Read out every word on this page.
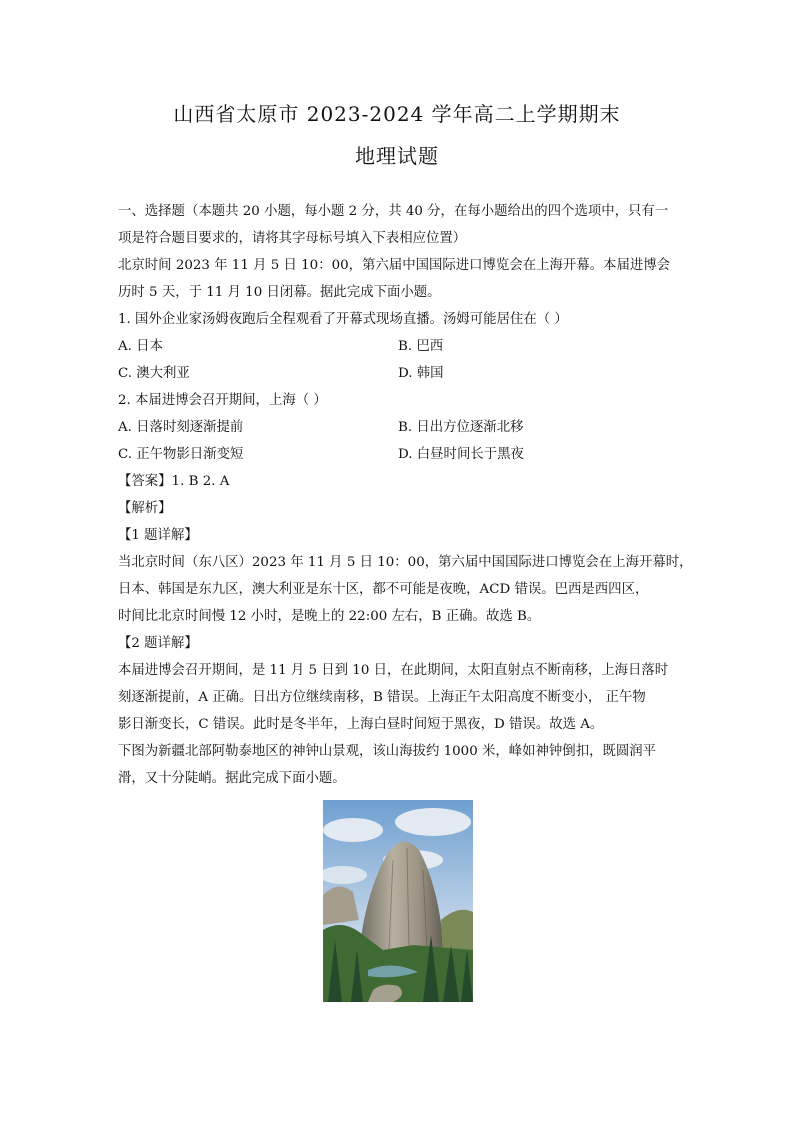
山西省太原市 2023-2024 学年高二上学期期末
地理试题
一、选择题（本题共 20 小题，每小题 2 分，共 40 分，在每小题给出的四个选项中，只有一
项是符合题目要求的，请将其字母标号填入下表相应位置）
北京时间 2023 年 11 月 5 日 10：00，第六届中国国际进口博览会在上海开幕。本届进博会
历时 5 天，于 11 月 10 日闭幕。据此完成下面小题。
1. 国外企业家汤姆夜跑后全程观看了开幕式现场直播。汤姆可能居住在（ ）
A. 日本	B. 巴西
C. 澳大利亚	D. 韩国
2. 本届进博会召开期间，上海（ ）
A. 日落时刻逐渐提前	B. 日出方位逐渐北移
C. 正午物影日渐变短	D. 白昼时间长于黑夜
【答案】1. B 2. A
【解析】
【1 题详解】
当北京时间（东八区）2023 年 11 月 5 日 10：00，第六届中国国际进口博览会在上海开幕时，
日本、韩国是东九区，澳大利亚是东十区，都不可能是夜晚，ACD 错误。巴西是西四区，
时间比北京时间慢 12 小时，是晚上的 22:00 左右，B 正确。故选 B。
【2 题详解】
本届进博会召开期间，是 11 月 5 日到 10 日，在此期间，太阳直射点不断南移，上海日落时
刻逐渐提前，A 正确。日出方位继续南移，B 错误。上海正午太阳高度不断变小， 正午物
影日渐变长，C 错误。此时是冬半年，上海白昼时间短于黑夜，D 错误。故选 A。
下图为新疆北部阿勒泰地区的神钟山景观，该山海拔约 1000 米，峰如神钟倒扣，既圆润平
滑，又十分陡峭。据此完成下面小题。
